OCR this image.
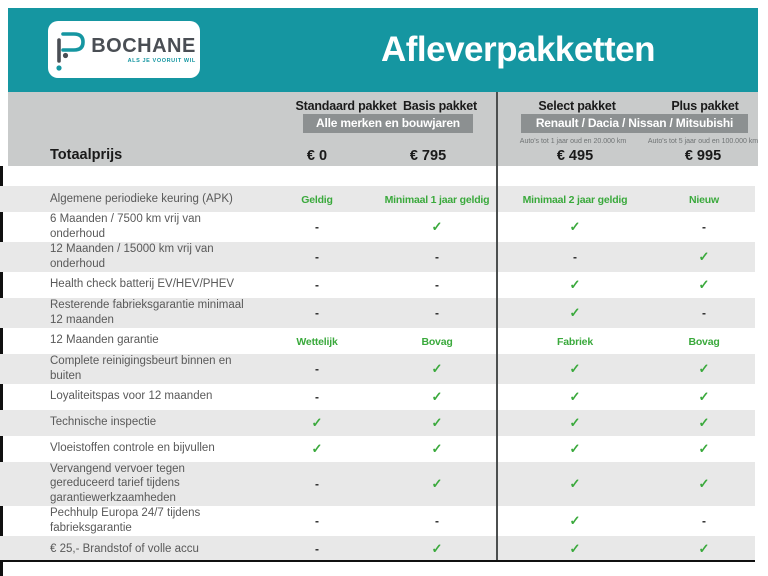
BOCHANE
ALS JE VOORUIT WIL	Afleverpakketten
Standaard pakket Basis pakket	Select pakket	Plus pakket
Alle merken en bouwjaren	Renault / Dacia / Nissan / Mitsubishi
Auto's tot 1 jaar oud en 20.000 km	Auto's tot 5 jaar oud en 100.000 km
Totaalprijs	€ 0	€ 795	€ 495	€ 995
Algemene periodieke keuring (APK)	Geldig	Minimaal 1 jaar geldig	Minimaal 2 jaar geldig	Nieuw
6 Maanden / 7500 km vrij van onderhoud	-	✓	✓	-
12 Maanden / 15000 km vrij van onderhoud	-	-	-	✓
Health check batterij EV/HEV/PHEV	-	-	✓	✓
Resterende fabrieksgarantie minimaal 12 maanden	-	-	✓	-
12 Maanden garantie	Wettelijk	Bovag	Fabriek	Bovag
Complete reinigingsbeurt binnen en buiten	-	✓	✓	✓
Loyaliteitspas voor 12 maanden	-	✓	✓	✓
Technische inspectie	✓	✓	✓	✓
Vloeistoffen controle en bijvullen	✓	✓	✓	✓
Vervangend vervoer tegen gereduceerd tarief tijdens garantiewerkzaamheden
-	✓	✓	✓
Pechhulp Europa 24/7 tijdens fabrieksgarantie	-	-	✓	-
€ 25,- Brandstof of volle accu	-	✓	✓	✓
